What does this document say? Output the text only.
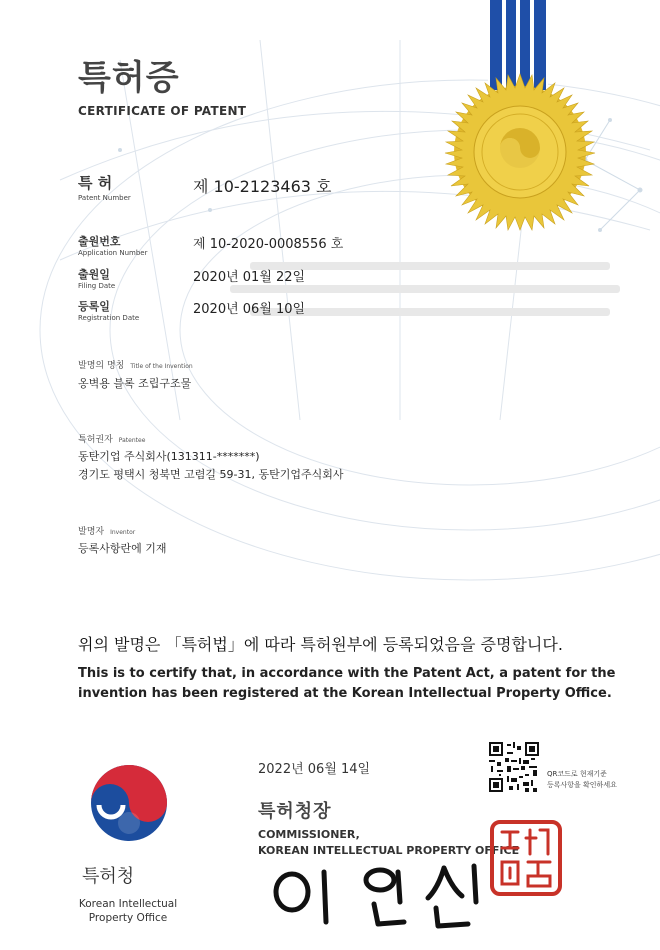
특허증
CERTIFICATE OF PATENT
특 허
Patent Number
제 10-2123463 호
출원번호
Application Number
제 10-2020-0008556 호
출원일
Filing Date
2020년 01월 22일
등록일
Registration Date
2020년 06월 10일
발명의 명칭 Title of the Invention
옹벽용 블록 조립구조물
특허권자 Patentee
동탄기업 주식회사(131311-*******)
경기도 평택시 청북면 고렴길 59-31, 동탄기업주식회사
발명자 Inventor
등록사항란에 기재
위의 발명은 「특허법」에 따라 특허원부에 등록되었음을 증명합니다.
This is to certify that, in accordance with the Patent Act, a patent for the
invention has been registered at the Korean Intellectual Property Office.
특허청
Korean Intellectual
Property Office
2022년 06월 14일
특허청장
COMMISSIONER,
KOREAN INTELLECTUAL PROPERTY OFFICE
QR코드로 현재기준
등록사항을 확인하세요
